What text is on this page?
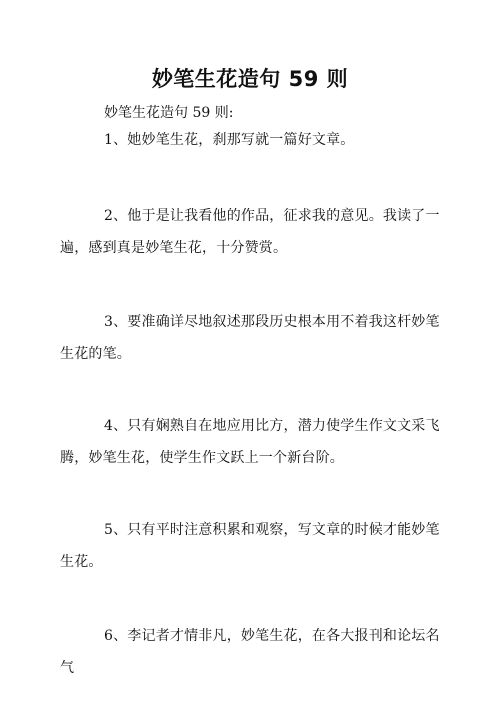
妙笔生花造句 59 则
妙笔生花造句 59 则:
1、她妙笔生花，刹那写就一篇好文章。
2、他于是让我看他的作品，征求我的意见。我读了一遍，感到真是妙笔生花，十分赞赏。
3、要准确详尽地叙述那段历史根本用不着我这杆妙笔生花的笔。
4、只有娴熟自在地应用比方，潜力使学生作文文采飞腾，妙笔生花，使学生作文跃上一个新台阶。
5、只有平时注意积累和观察，写文章的时候才能妙笔生花。
6、李记者才情非凡，妙笔生花，在各大报刊和论坛名气
